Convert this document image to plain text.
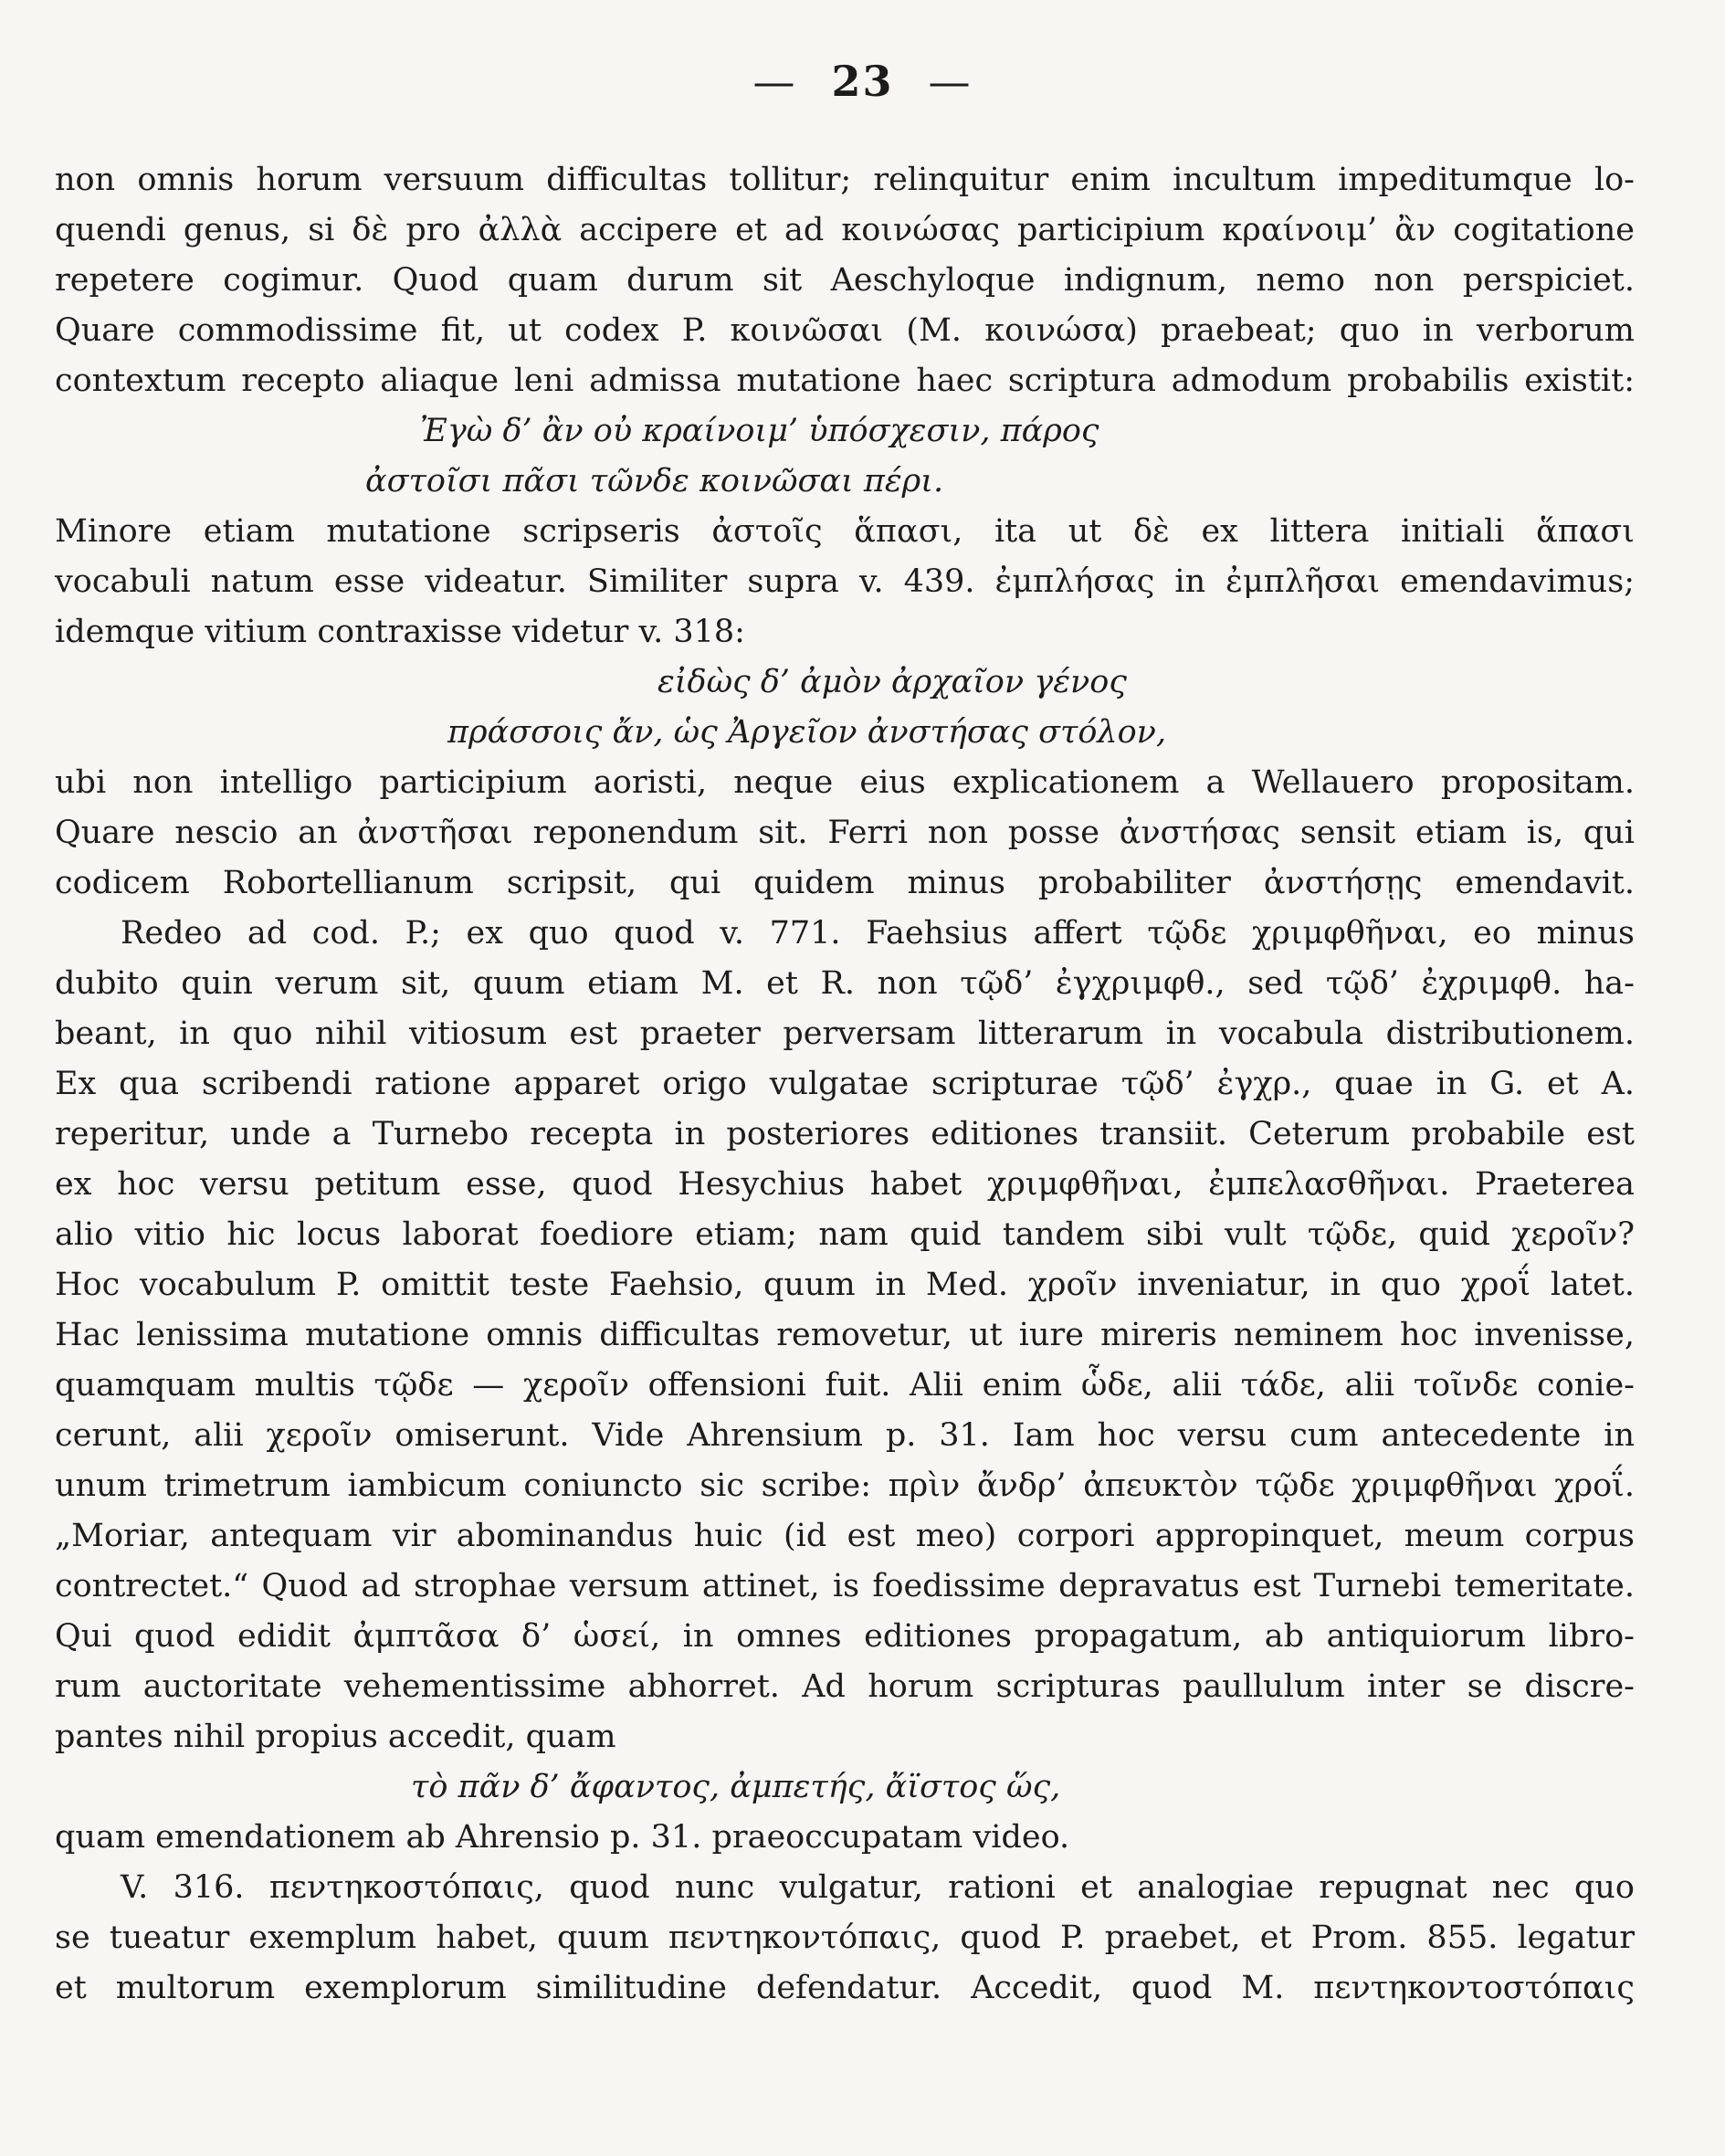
— 23 —
non omnis horum versuum difficultas tollitur; relinquitur enim incultum impeditumque lo-
quendi genus, si δὲ pro ἀλλὰ accipere et ad κοινώσας participium κραίνοιμ’ ἂν cogitatione
repetere cogimur. Quod quam durum sit Aeschyloque indignum, nemo non perspiciet.
Quare commodissime fit, ut codex P. κοινῶσαι (M. κοινώσα) praebeat; quo in verborum
contextum recepto aliaque leni admissa mutatione haec scriptura admodum probabilis existit:
Ἐγὼ δ’ ἂν οὐ κραίνοιμ’ ὑπόσχεσιν, πάρος
ἀστοῖσι πᾶσι τῶνδε κοινῶσαι πέρι.
Minore etiam mutatione scripseris ἀστοῖς ἅπασι, ita ut δὲ ex littera initiali ἅπασι
vocabuli natum esse videatur. Similiter supra v. 439. ἐμπλήσας in ἐμπλῆσαι emendavimus;
idemque vitium contraxisse videtur v. 318:
εἰδὼς δ’ ἀμὸν ἀρχαῖον γένος
πράσσοις ἄν, ὡς Ἀργεῖον ἀνστήσας στόλον,
ubi non intelligo participium aoristi, neque eius explicationem a Wellauero propositam.
Quare nescio an ἀνστῆσαι reponendum sit. Ferri non posse ἀνστήσας sensit etiam is, qui
codicem Robortellianum scripsit, qui quidem minus probabiliter ἀνστήσῃς emendavit.
Redeo ad cod. P.; ex quo quod v. 771. Faehsius affert τῷδε χριμφθῆναι, eo minus
dubito quin verum sit, quum etiam M. et R. non τῷδ’ ἐγχριμφθ., sed τῷδ’ ἐχριμφθ. ha-
beant, in quo nihil vitiosum est praeter perversam litterarum in vocabula distributionem.
Ex qua scribendi ratione apparet origo vulgatae scripturae τῷδ’ ἐγχρ., quae in G. et A.
reperitur, unde a Turnebo recepta in posteriores editiones transiit. Ceterum probabile est
ex hoc versu petitum esse, quod Hesychius habet χριμφθῆναι, ἐμπελασθῆναι. Praeterea
alio vitio hic locus laborat foediore etiam; nam quid tandem sibi vult τῷδε, quid χεροῖν?
Hoc vocabulum P. omittit teste Faehsio, quum in Med. χροῖν inveniatur, in quo χροΐ latet.
Hac lenissima mutatione omnis difficultas removetur, ut iure mireris neminem hoc invenisse,
quamquam multis τῷδε — χεροῖν offensioni fuit. Alii enim ὧδε, alii τάδε, alii τοῖνδε conie-
cerunt, alii χεροῖν omiserunt. Vide Ahrensium p. 31. Iam hoc versu cum antecedente in
unum trimetrum iambicum coniuncto sic scribe: πρὶν ἄνδρ’ ἀπευκτὸν τῷδε χριμφθῆναι χροΐ.
„Moriar, antequam vir abominandus huic (id est meo) corpori appropinquet, meum corpus
contrectet.“ Quod ad strophae versum attinet, is foedissime depravatus est Turnebi temeritate.
Qui quod edidit ἀμπτᾶσα δ’ ὡσεί, in omnes editiones propagatum, ab antiquiorum libro-
rum auctoritate vehementissime abhorret. Ad horum scripturas paullulum inter se discre-
pantes nihil propius accedit, quam
τὸ πᾶν δ’ ἄφαντος, ἀμπετής, ἄϊστος ὥς,
quam emendationem ab Ahrensio p. 31. praeoccupatam video.
V. 316. πεντηκοστόπαις, quod nunc vulgatur, rationi et analogiae repugnat nec quo
se tueatur exemplum habet, quum πεντηκοντόπαις, quod P. praebet, et Prom. 855. legatur
et multorum exemplorum similitudine defendatur. Accedit, quod M. πεντηκοντοστόπαις
